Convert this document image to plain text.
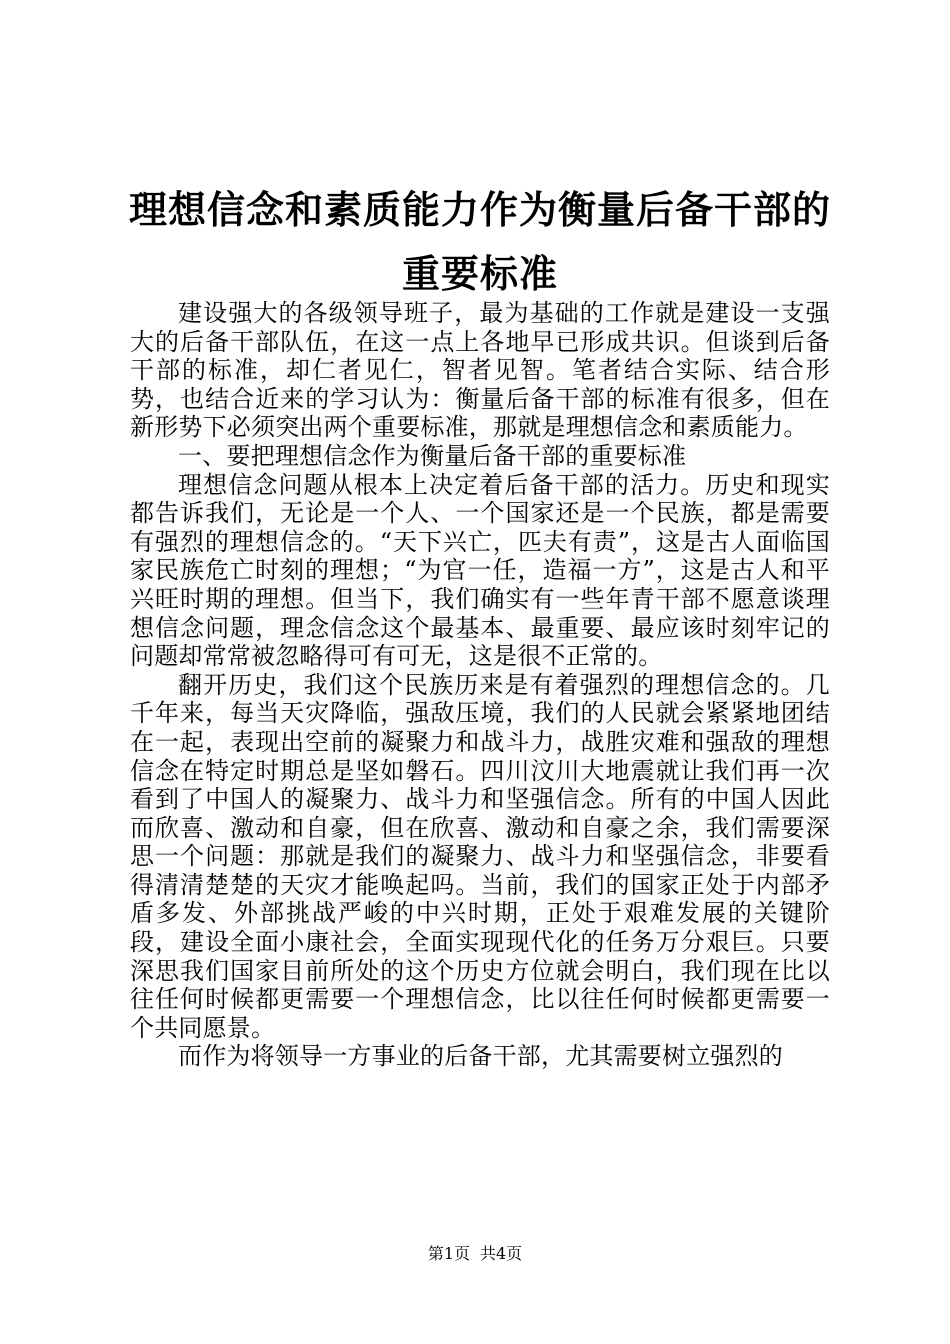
理想信念和素质能力作为衡量后备干部的重要标准

建设强大的各级领导班子，最为基础的工作就是建设一支强大的后备干部队伍，在这一点上各地早已形成共识。但谈到后备干部的标准，却仁者见仁，智者见智。笔者结合实际、结合形势，也结合近来的学习认为：衡量后备干部的标准有很多，但在新形势下必须突出两个重要标准，那就是理想信念和素质能力。

一、要把理想信念作为衡量后备干部的重要标准

理想信念问题从根本上决定着后备干部的活力。历史和现实都告诉我们，无论是一个人、一个国家还是一个民族，都是需要有强烈的理想信念的。“天下兴亡，匹夫有责”，这是古人面临国家民族危亡时刻的理想；“为官一任，造福一方”，这是古人和平兴旺时期的理想。但当下，我们确实有一些年青干部不愿意谈理想信念问题，理念信念这个最基本、最重要、最应该时刻牢记的问题却常常被忽略得可有可无，这是很不正常的。

翻开历史，我们这个民族历来是有着强烈的理想信念的。几千年来，每当天灾降临，强敌压境，我们的人民就会紧紧地团结在一起，表现出空前的凝聚力和战斗力，战胜灾难和强敌的理想信念在特定时期总是坚如磐石。四川汶川大地震就让我们再一次看到了中国人的凝聚力、战斗力和坚强信念。所有的中国人因此而欣喜、激动和自豪，但在欣喜、激动和自豪之余，我们需要深思一个问题：那就是我们的凝聚力、战斗力和坚强信念，非要看得清清楚楚的天灾才能唤起吗。当前，我们的国家正处于内部矛盾多发、外部挑战严峻的中兴时期，正处于艰难发展的关键阶段，建设全面小康社会，全面实现现代化的任务万分艰巨。只要深思我们国家目前所处的这个历史方位就会明白，我们现在比以往任何时候都更需要一个理想信念，比以往任何时候都更需要一个共同愿景。

而作为将领导一方事业的后备干部，尤其需要树立强烈的

第1页 共4页
